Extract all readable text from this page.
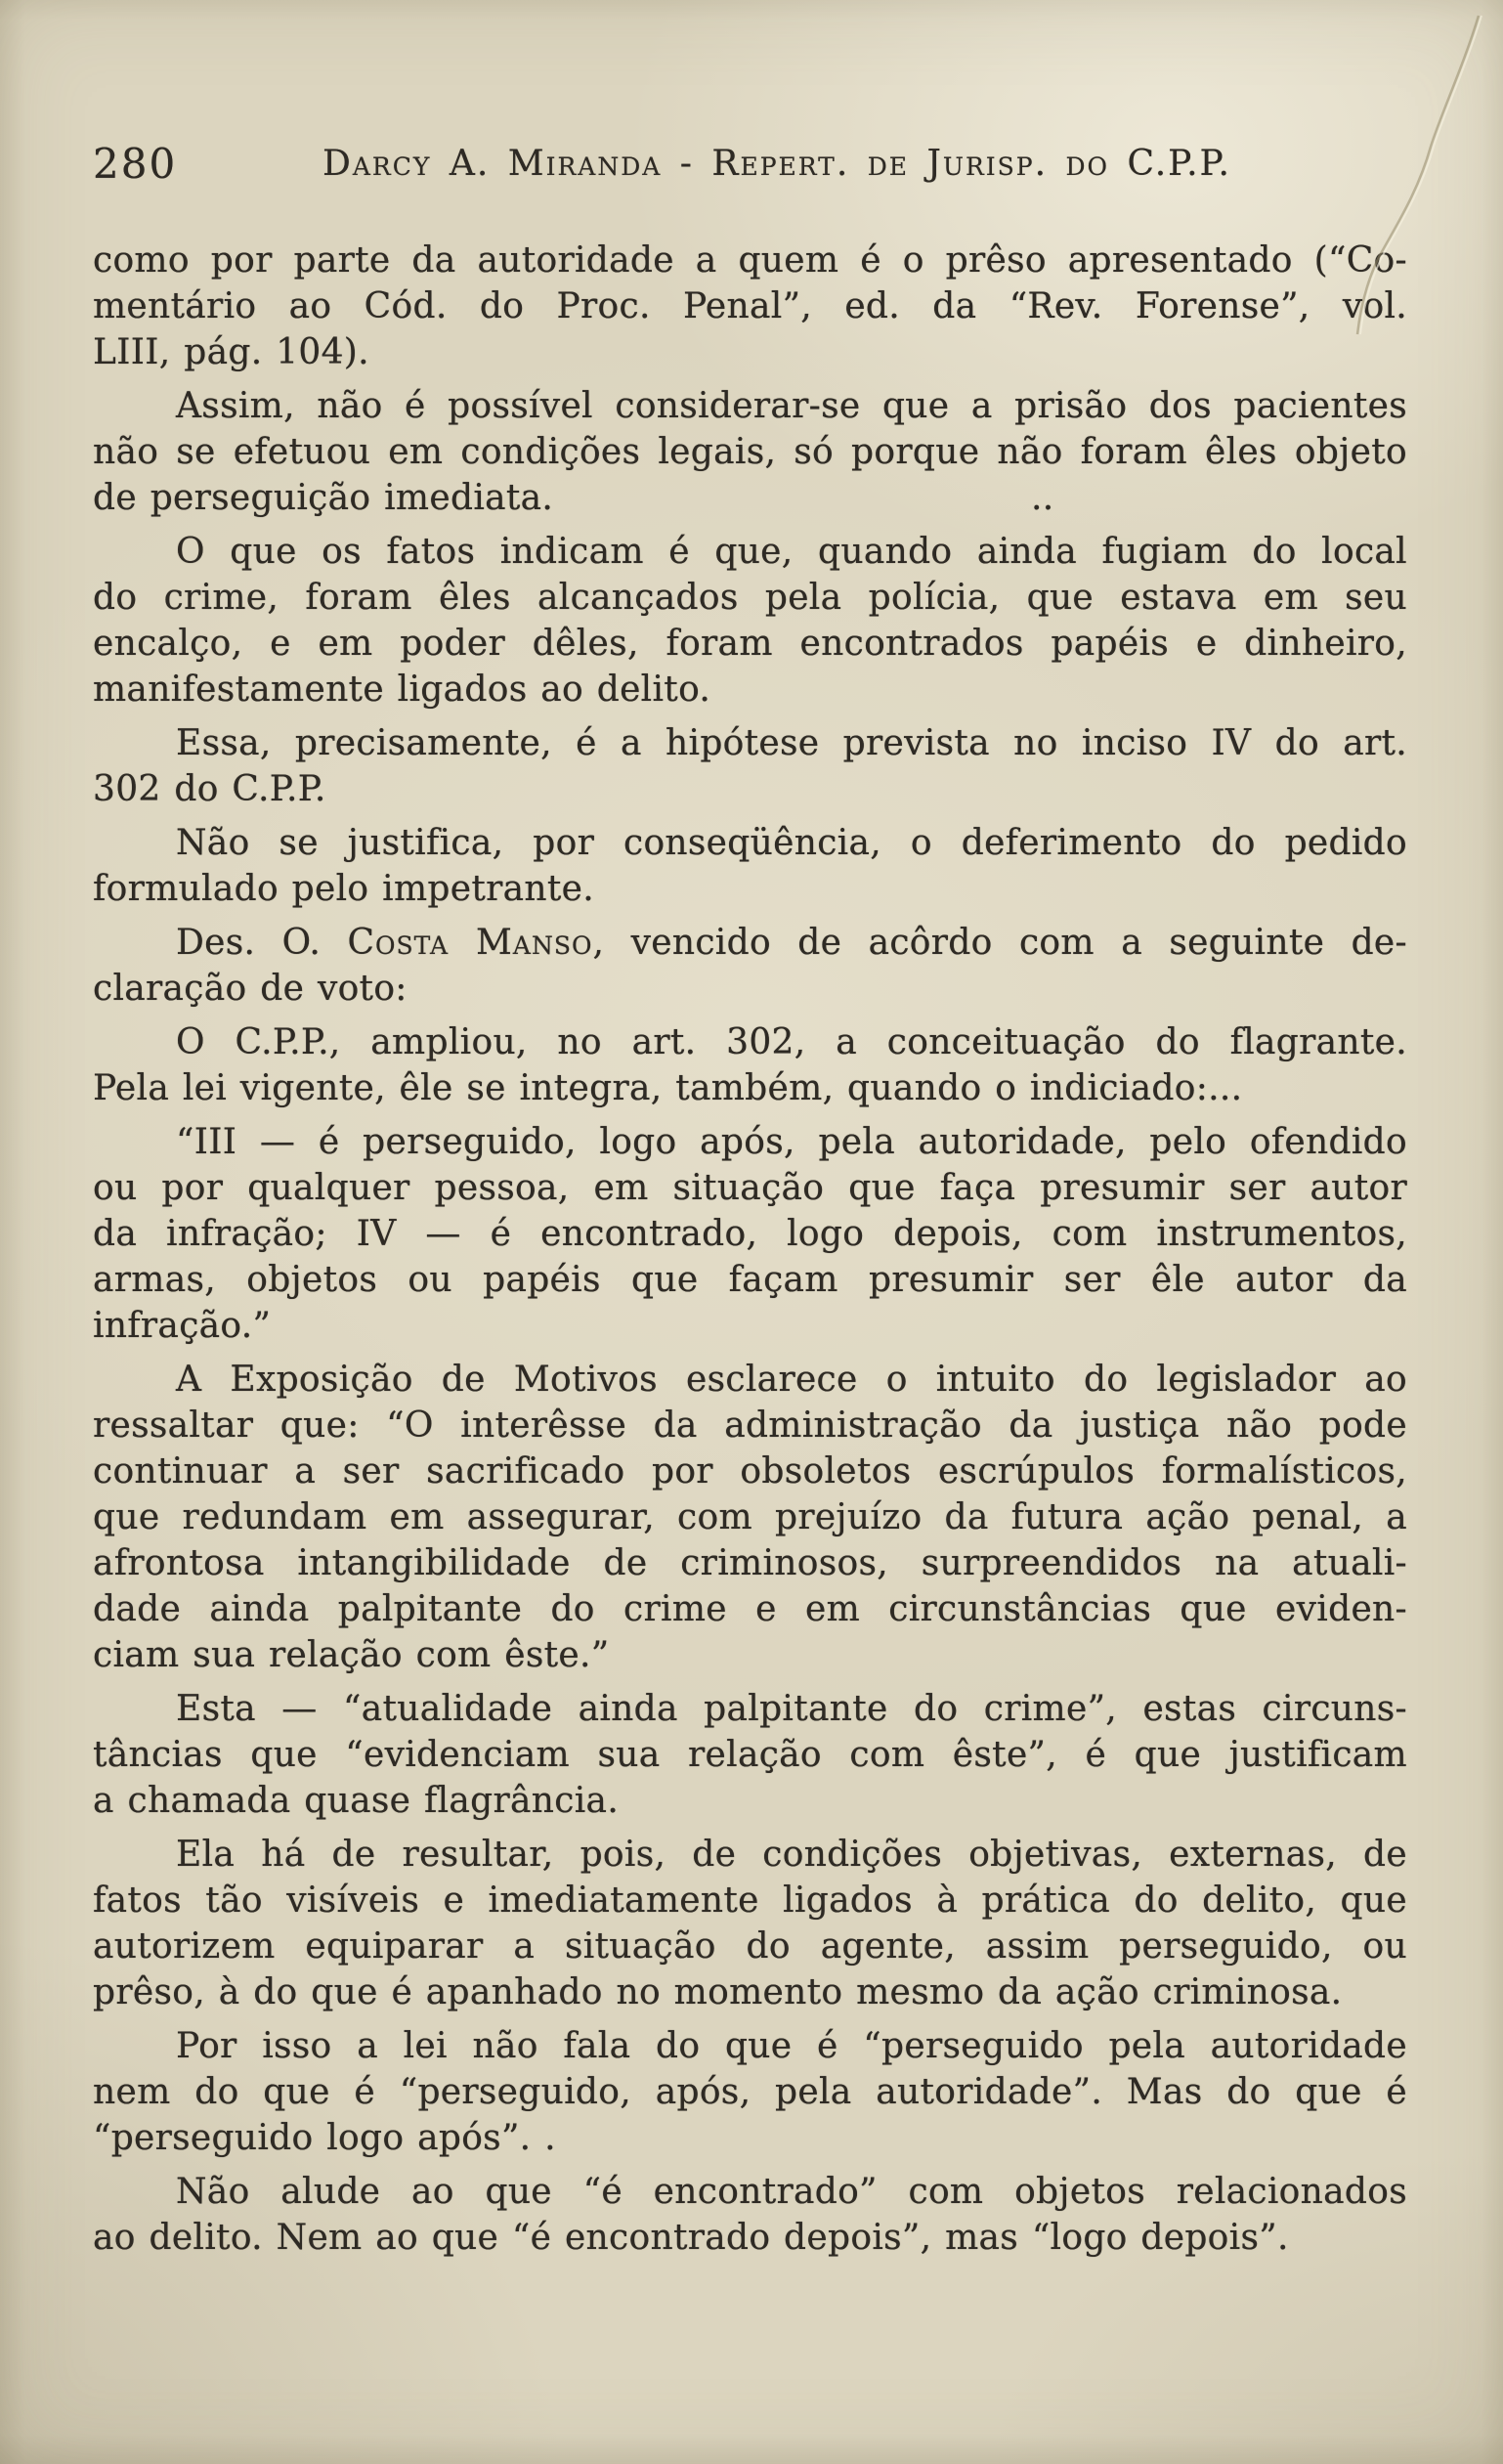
280	Darcy A. Miranda - Repert. de Jurisp. do C.P.P.
como por parte da autoridade a quem é o prêso apresentado (“Co-
mentário ao Cód. do Proc. Penal”, ed. da “Rev. Forense”, vol.
LIII, pág. 104).
Assim, não é possível considerar-se que a prisão dos pacientes
não se efetuou em condições legais, só porque não foram êles objeto
de perseguição imediata.	..
O que os fatos indicam é que, quando ainda fugiam do local
do crime, foram êles alcançados pela polícia, que estava em seu
encalço, e em poder dêles, foram encontrados papéis e dinheiro,
manifestamente ligados ao delito.
Essa, precisamente, é a hipótese prevista no inciso IV do art.
302 do C.P.P.
Não se justifica, por conseqüência, o deferimento do pedido
formulado pelo impetrante.
Des. O. Costa Manso, vencido de acôrdo com a seguinte de-
claração de voto:
O C.P.P., ampliou, no art. 302, a conceituação do flagrante.
Pela lei vigente, êle se integra, também, quando o indiciado:...
“III — é perseguido, logo após, pela autoridade, pelo ofendido
ou por qualquer pessoa, em situação que faça presumir ser autor
da infração; IV — é encontrado, logo depois, com instrumentos,
armas, objetos ou papéis que façam presumir ser êle autor da
infração.”
A Exposição de Motivos esclarece o intuito do legislador ao
ressaltar que: “O interêsse da administração da justiça não pode
continuar a ser sacrificado por obsoletos escrúpulos formalísticos,
que redundam em assegurar, com prejuízo da futura ação penal, a
afrontosa intangibilidade de criminosos, surpreendidos na atuali-
dade ainda palpitante do crime e em circunstâncias que eviden-
ciam sua relação com êste.”
Esta — “atualidade ainda palpitante do crime”, estas circuns-
tâncias que “evidenciam sua relação com êste”, é que justificam
a chamada quase flagrância.
Ela há de resultar, pois, de condições objetivas, externas, de
fatos tão visíveis e imediatamente ligados à prática do delito, que
autorizem equiparar a situação do agente, assim perseguido, ou
prêso, à do que é apanhado no momento mesmo da ação criminosa.
Por isso a lei não fala do que é “perseguido pela autoridade
nem do que é “perseguido, após, pela autoridade”. Mas do que é
“perseguido logo após”. .
Não alude ao que “é encontrado” com objetos relacionados
ao delito. Nem ao que “é encontrado depois”, mas “logo depois”.
